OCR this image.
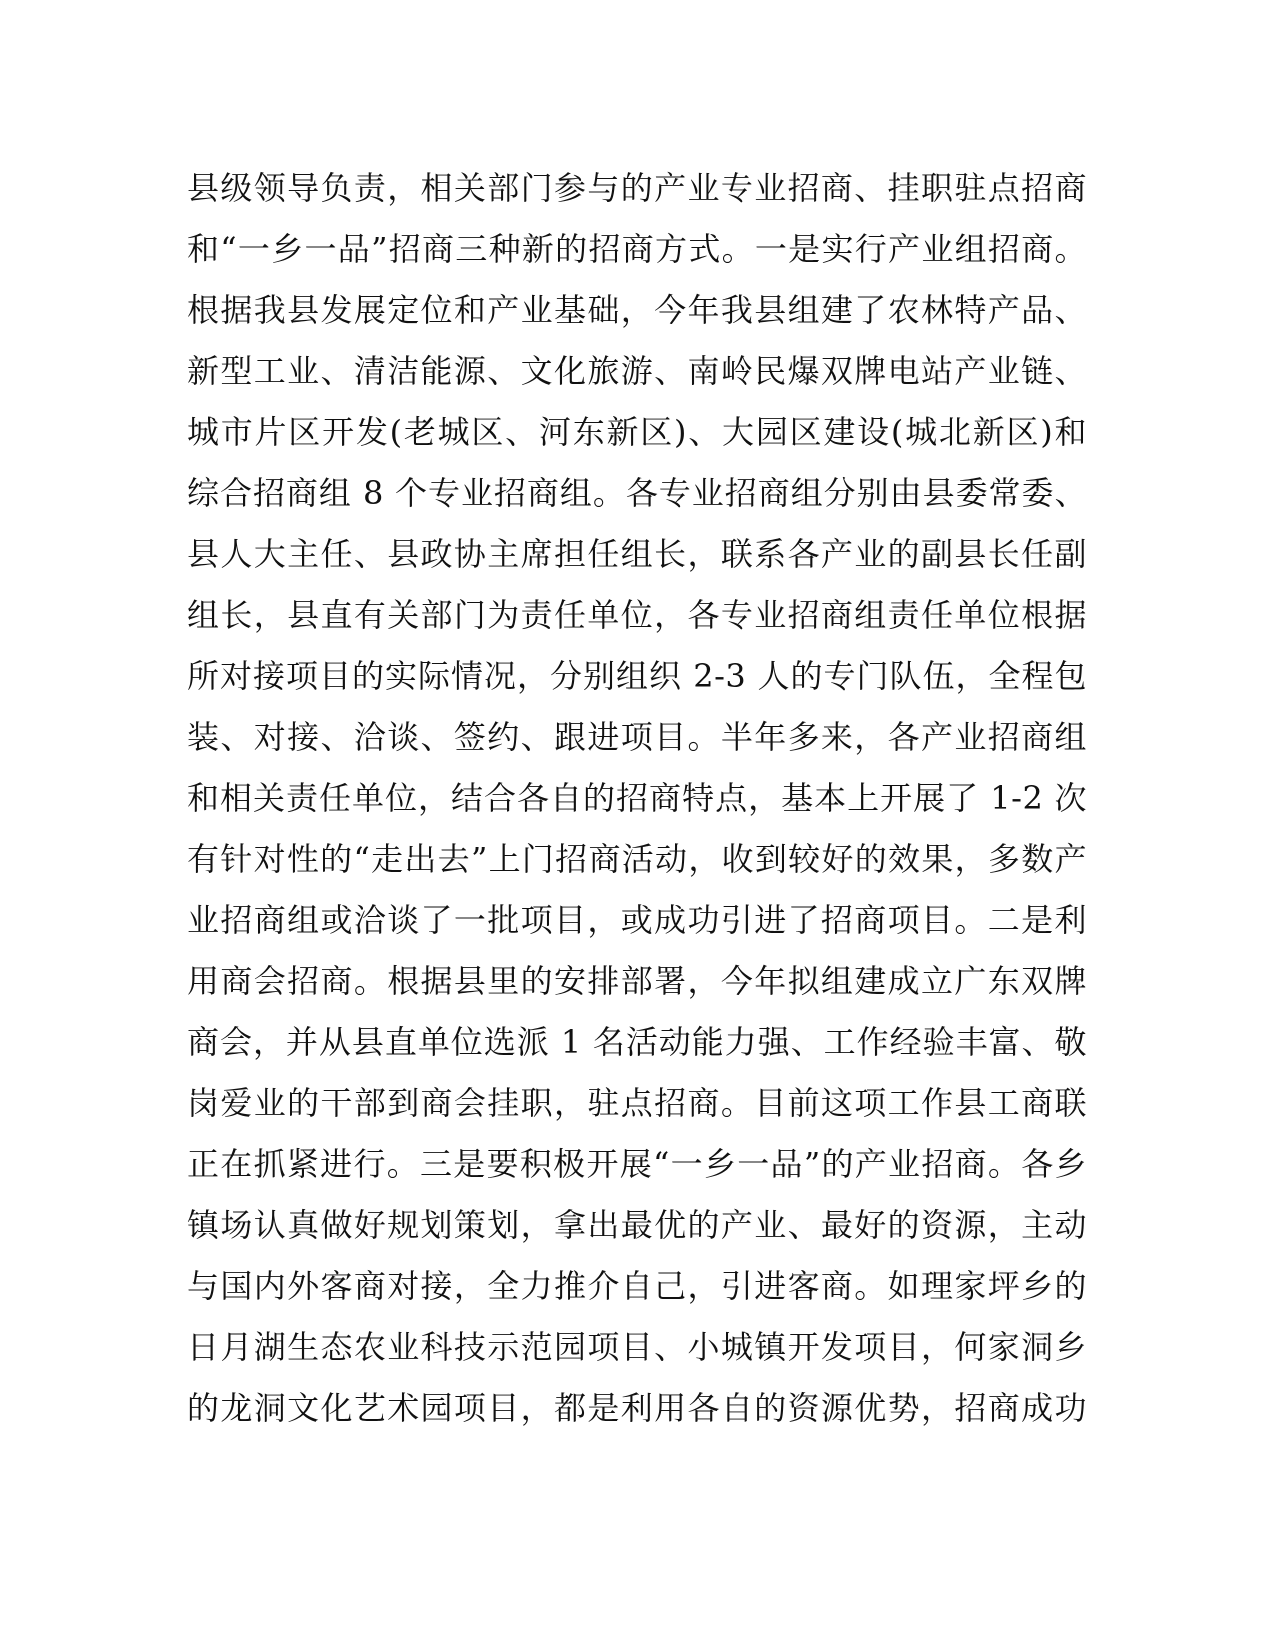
县级领导负责，相关部门参与的产业专业招商、挂职驻点招商
和“一乡一品”招商三种新的招商方式。一是实行产业组招商。
根据我县发展定位和产业基础，今年我县组建了农林特产品、
新型工业、清洁能源、文化旅游、南岭民爆双牌电站产业链、
城市片区开发(老城区、河东新区)、大园区建设(城北新区)和
综合招商组 8 个专业招商组。各专业招商组分别由县委常委、
县人大主任、县政协主席担任组长，联系各产业的副县长任副
组长，县直有关部门为责任单位，各专业招商组责任单位根据
所对接项目的实际情况，分别组织 2-3 人的专门队伍，全程包
装、对接、洽谈、签约、跟进项目。半年多来，各产业招商组
和相关责任单位，结合各自的招商特点，基本上开展了 1-2 次
有针对性的“走出去”上门招商活动，收到较好的效果，多数产
业招商组或洽谈了一批项目，或成功引进了招商项目。二是利
用商会招商。根据县里的安排部署，今年拟组建成立广东双牌
商会，并从县直单位选派 1 名活动能力强、工作经验丰富、敬
岗爱业的干部到商会挂职，驻点招商。目前这项工作县工商联
正在抓紧进行。三是要积极开展“一乡一品”的产业招商。各乡
镇场认真做好规划策划，拿出最优的产业、最好的资源，主动
与国内外客商对接，全力推介自己，引进客商。如理家坪乡的
日月湖生态农业科技示范园项目、小城镇开发项目，何家洞乡
的龙洞文化艺术园项目，都是利用各自的资源优势，招商成功
